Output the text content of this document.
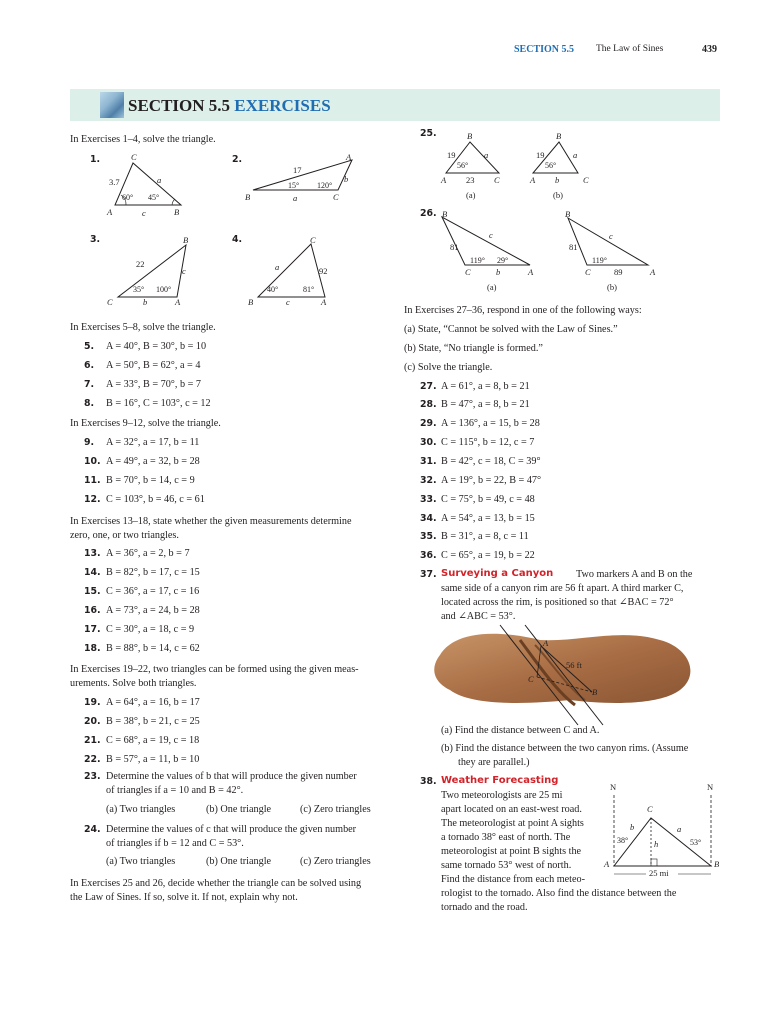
SECTION 5.5 The Law of Sines	439
SECTION 5.5 EXERCISES
In Exercises 1–4, solve the triangle.
1.	C
3.7	a
60° 45°
A	c	B
2.	A
17
b
15° 120°
B	a	C
3.	B
22
c
35° 100°
C	b	A
4.	C
a	92
40°	81°
B	c	A
In Exercises 5–8, solve the triangle.
5. A = 40°, B = 30°, b = 10
6. A = 50°, B = 62°, a = 4
7. A = 33°, B = 70°, b = 7
8. B = 16°, C = 103°, c = 12
9. A = 32°, a = 17, b = 11
10. A = 49°, a = 32, b = 28
11. B = 70°, b = 14, c = 9
12. C = 103°, b = 46, c = 61
13. A = 36°, a = 2, b = 7
14. B = 82°, b = 17, c = 15
15. C = 36°, a = 17, c = 16
16. A = 73°, a = 24, b = 28
17. C = 30°, a = 18, c = 9
18. B = 88°, b = 14, c = 62
19. A = 64°, a = 16, b = 17
20. B = 38°, b = 21, c = 25
21. C = 68°, a = 19, c = 18
22. B = 57°, a = 11, b = 10
In Exercises 9–12, solve the triangle.
In Exercises 13–18, state whether the given measurements determine
zero, one, or two triangles.
In Exercises 19–22, two triangles can be formed using the given meas-
urements. Solve both triangles.
23. Determine the values of b that will produce the given number
of triangles if a = 10 and B = 42°.
(a) Two triangles	(b) One triangle	(c) Zero triangles
24. Determine the values of c that will produce the given number
of triangles if b = 12 and C = 53°.
(a) Two triangles	(b) One triangle	(c) Zero triangles
In Exercises 25 and 26, decide whether the triangle can be solved using
the Law of Sines. If so, solve it. If not, explain why not.
25.	B
19	a
56°
A 23 C
(a)
B
19	a
56°
A b	C
(b)
26. B
c
81
119° 29°
C	b	A
(a)
B
c
81
119°
C	89	A
(b)
In Exercises 27–36, respond in one of the following ways:
(a) State, “Cannot be solved with the Law of Sines.”
(b) State, “No triangle is formed.”
(c) Solve the triangle.
27. A = 61°, a = 8, b = 21
28. B = 47°, a = 8, b = 21
29. A = 136°, a = 15, b = 28
30. C = 115°, b = 12, c = 7
31. B = 42°, c = 18, C = 39°
32. A = 19°, b = 22, B = 47°
33. C = 75°, b = 49, c = 48
34. A = 54°, a = 13, b = 15
35. B = 31°, a = 8, c = 11
36. C = 65°, a = 19, b = 22
37. Surveying a Canyon Two markers A and B on the
same side of a canyon rim are 56 ft apart. A third marker C,
located across the rim, is positioned so that ∠BAC = 72°
and ∠ABC = 53°.
A
56 ft
C
B
(a) Find the distance between C and A.
(b) Find the distance between the two canyon rims. (Assume
they are parallel.)
38. Weather Forecasting
Two meteorologists are 25 mi
apart located on an east-west road.
The meteorologist at point A sights
a tornado 38° east of north. The
meteorologist at point B sights the
same tornado 53° west of north.
Find the distance from each meteo-
rologist to the tornado. Also find the distance between the
tornado and the road.
N	N
C
b	a
38°	h	53°
A	B
25 mi
